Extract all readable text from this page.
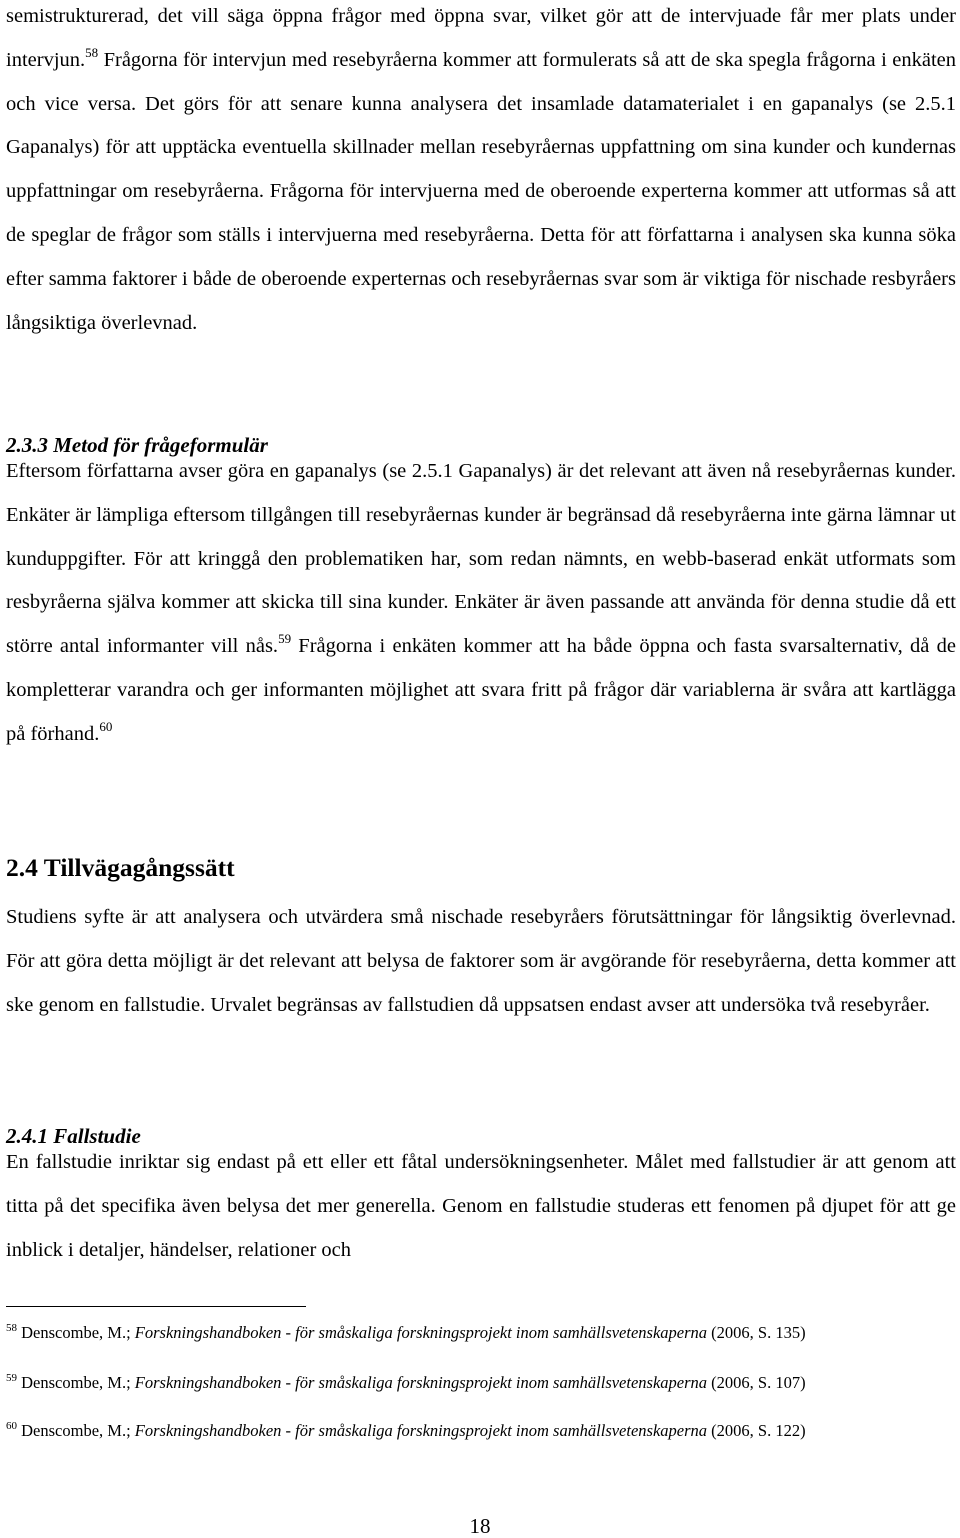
semistrukturerad, det vill säga öppna frågor med öppna svar, vilket gör att de intervjuade får mer plats under intervjun.$^{58}$ Frågorna för intervjun med resebyråerna kommer att formulerats så att de ska spegla frågorna i enkäten och vice versa. Det görs för att senare kunna analysera det insamlade datamaterialet i en gapanalys (se 2.5.1 Gapanalys) för att upptäcka eventuella skillnader mellan resebyråernas uppfattning om sina kunder och kundernas uppfattningar om resebyråerna. Frågorna för intervjuerna med de oberoende experterna kommer att utformas så att de speglar de frågor som ställs i intervjuerna med resebyråerna. Detta för att författarna i analysen ska kunna söka efter samma faktorer i både de oberoende experternas och resebyråernas svar som är viktiga för nischade resbyråers långsiktiga överlevnad.

2.3.3 Metod för frågeformulär

Eftersom författarna avser göra en gapanalys (se 2.5.1 Gapanalys) är det relevant att även nå resebyråernas kunder. Enkäter är lämpliga eftersom tillgången till resebyråernas kunder är begränsad då resebyråerna inte gärna lämnar ut kunduppgifter. För att kringgå den problematiken har, som redan nämnts, en webb-baserad enkät utformats som resbyråerna själva kommer att skicka till sina kunder. Enkäter är även passande att använda för denna studie då ett större antal informanter vill nås.$^{59}$ Frågorna i enkäten kommer att ha både öppna och fasta svarsalternativ, då de kompletterar varandra och ger informanten möjlighet att svara fritt på frågor där variablerna är svåra att kartlägga på förhand.$^{60}$

2.4 Tillvägagångssätt

Studiens syfte är att analysera och utvärdera små nischade resebyråers förutsättningar för långsiktig överlevnad. För att göra detta möjligt är det relevant att belysa de faktorer som är avgörande för resebyråerna, detta kommer att ske genom en fallstudie. Urvalet begränsas av fallstudien då uppsatsen endast avser att undersöka två resebyråer.

2.4.1 Fallstudie

En fallstudie inriktar sig endast på ett eller ett fåtal undersökningsenheter. Målet med fallstudier är att genom att titta på det specifika även belysa det mer generella. Genom en fallstudie studeras ett fenomen på djupet för att ge inblick i detaljer, händelser, relationer och

$^{58}$ Denscombe, M.; Forskningshandboken - för småskaliga forskningsprojekt inom samhällsvetenskaperna (2006, S. 135)

$^{59}$ Denscombe, M.; Forskningshandboken - för småskaliga forskningsprojekt inom samhällsvetenskaperna (2006, S. 107)

$^{60}$ Denscombe, M.; Forskningshandboken - för småskaliga forskningsprojekt inom samhällsvetenskaperna (2006, S. 122)

18
